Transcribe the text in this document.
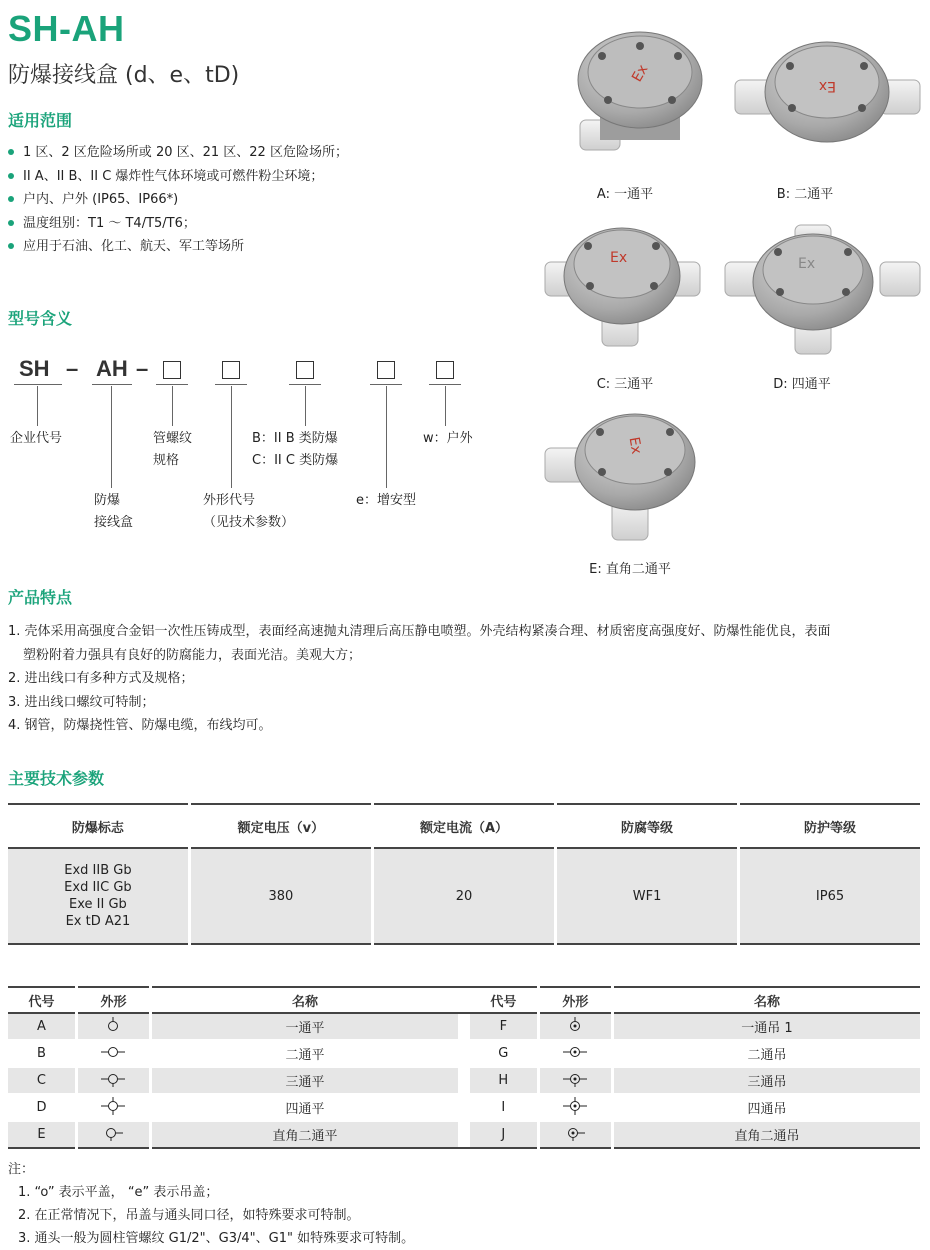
SH-AH
防爆接线盒 (d、e、tD)
适用范围
1 区、2 区危险场所或 20 区、21 区、22 区危险场所；
II A、II B、II C 爆炸性气体环境或可燃件粉尘环境；
户内、户外 (IP65、IP66*)
温度组别：T1 ～ T4/T5/T6；
应用于石油、化工、航天、军工等场所
型号含义
SH – AH –
企业代号	管螺纹
规格
B：II B 类防爆
C：II C 类防爆
w：户外
防爆
接线盒
外形代号
（见技术参数）
e：增安型
Ex
A: 一通平
Ex
B: 二通平
Ex
C: 三通平
Ex
D: 四通平
Ex
E: 直角二通平
产品特点
1. 壳体采用高强度合金铝一次性压铸成型，表面经高速抛丸清理后高压静电喷塑。外壳结构紧凑合理、材质密度高强度好、防爆性能优良，表面
塑粉附着力强具有良好的防腐能力，表面光洁。美观大方；
2. 进出线口有多种方式及规格；
3. 进出线口螺纹可特制；
4. 钢管，防爆挠性管、防爆电缆，布线均可。
主要技术参数
防爆标志	额定电压（v）	额定电流（A）	防腐等级	防护等级

Exd IIB Gb
Exd IIC Gb
Exe II Gb
Ex tD A21	380	20	WF1	IP65
代号	外形	名称		代号	外形	名称
A		一通平		F		一通吊 1
B		二通平		G		二通吊
C		三通平		H		三通吊
D		四通平		I		四通吊
E		直角二通平		J		直角二通吊
注：
1. “o” 表示平盖， “e” 表示吊盖；
2. 在正常情况下，吊盖与通头同口径，如特殊要求可特制。
3. 通头一般为圆柱管螺纹 G1/2"、G3/4"、G1" 如特殊要求可特制。
